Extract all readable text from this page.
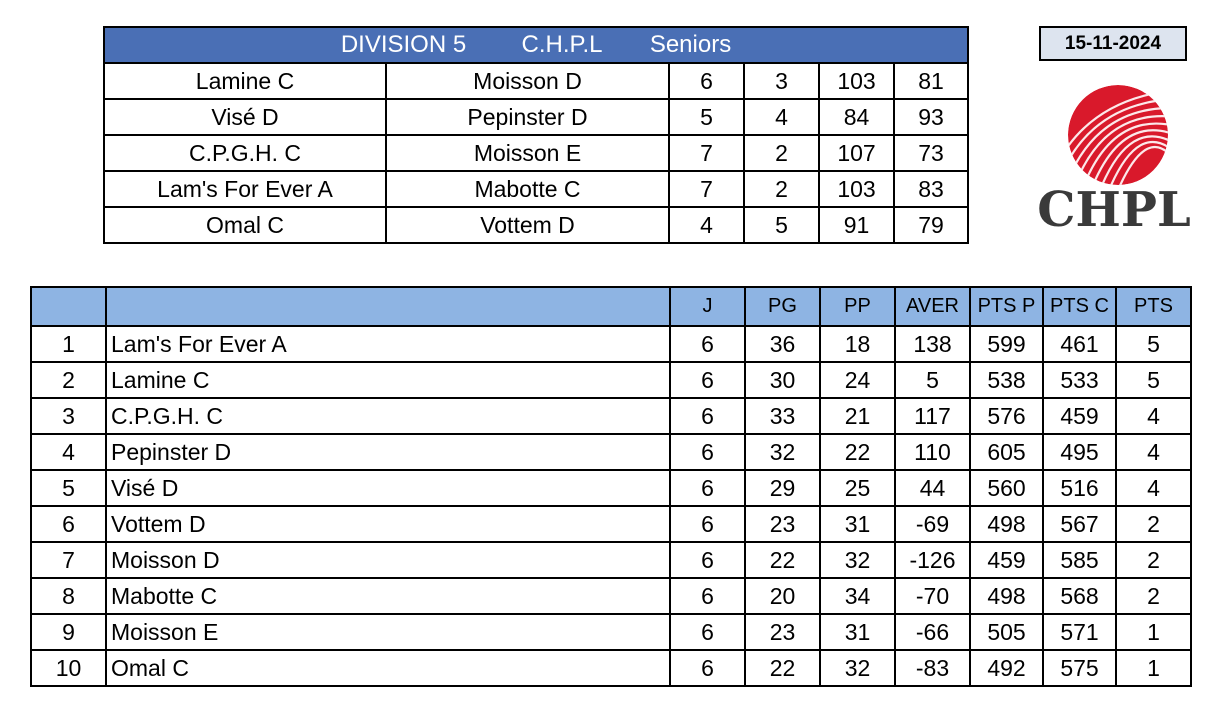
DIVISION 5 C.H.P.L Seniors					
Lamine C	Moisson D	6	3	103	81
Visé D	Pepinster D	5	4	84	93
C.P.G.H. C	Moisson E	7	2	107	73
Lam's For Ever A	Mabotte C	7	2	103	83
Omal C	Vottem D	4	5	91	79
15-11-2024
CHPL
		J	PG	PP	AVER	PTS P	PTS C	PTS
1	Lam's For Ever A	6	36	18	138	599	461	5
2	Lamine C	6	30	24	5	538	533	5
3	C.P.G.H. C	6	33	21	117	576	459	4
4	Pepinster D	6	32	22	110	605	495	4
5	Visé D	6	29	25	44	560	516	4
6	Vottem D	6	23	31	-69	498	567	2
7	Moisson D	6	22	32	-126	459	585	2
8	Mabotte C	6	20	34	-70	498	568	2
9	Moisson E	6	23	31	-66	505	571	1
10	Omal C	6	22	32	-83	492	575	1
